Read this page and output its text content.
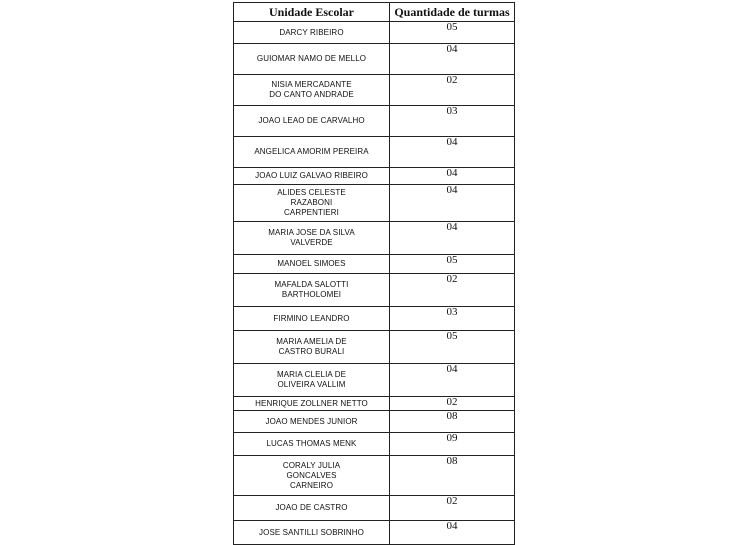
Unidade Escolar	Quantidade de turmas
DARCY RIBEIRO	05
GUIOMAR NAMO DE MELLO	04
NISIA MERCADANTE DO CANTO ANDRADE	02
JOAO LEAO DE CARVALHO	03
ANGELICA AMORIM PEREIRA	04
JOAO LUIZ GALVAO RIBEIRO	04
ALIDES CELESTE RAZABONI CARPENTIERI	04
MARIA JOSE DA SILVA VALVERDE	04
MANOEL SIMOES	05
MAFALDA SALOTTI BARTHOLOMEI	02
FIRMINO LEANDRO	03
MARIA AMELIA DE CASTRO BURALI	05
MARIA CLELIA DE OLIVEIRA VALLIM	04
HENRIQUE ZOLLNER NETTO	02
JOAO MENDES JUNIOR	08
LUCAS THOMAS MENK	09
CORALY JULIA GONCALVES CARNEIRO	08
JOAO DE CASTRO	02
JOSE SANTILLI SOBRINHO	04
